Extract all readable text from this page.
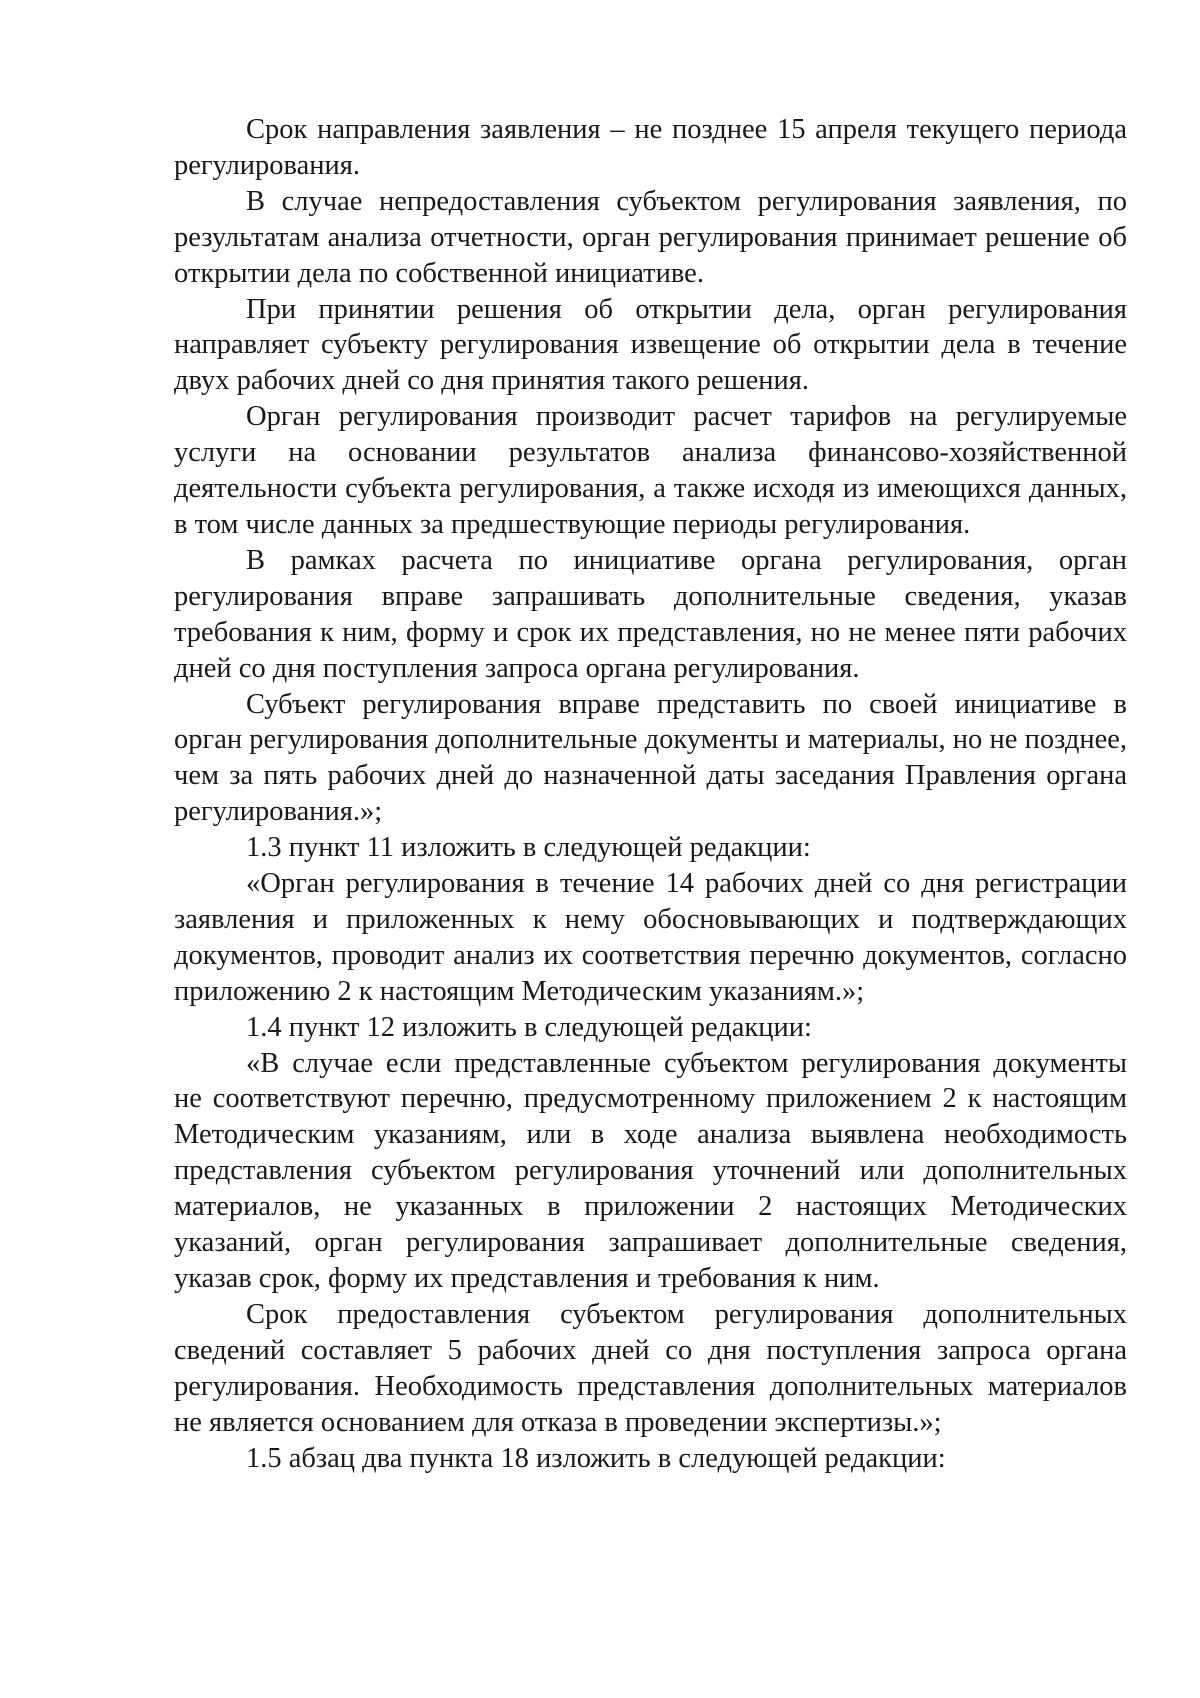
Срок направления заявления – не позднее 15 апреля текущего периода регулирования.

В случае непредоставления субъектом регулирования заявления, по результатам анализа отчетности, орган регулирования принимает решение об открытии дела по собственной инициативе.

При принятии решения об открытии дела, орган регулирования направляет субъекту регулирования извещение об открытии дела в течение двух рабочих дней со дня принятия такого решения.

Орган регулирования производит расчет тарифов на регулируемые услуги на основании результатов анализа финансово-хозяйственной деятельности субъекта регулирования, а также исходя из имеющихся данных, в том числе данных за предшествующие периоды регулирования.

В рамках расчета по инициативе органа регулирования, орган регулирования вправе запрашивать дополнительные сведения, указав требования к ним, форму и срок их представления, но не менее пяти рабочих дней со дня поступления запроса органа регулирования.

Субъект регулирования вправе представить по своей инициативе в орган регулирования дополнительные документы и материалы, но не позднее, чем за пять рабочих дней до назначенной даты заседания Правления органа регулирования.»;

1.3 пункт 11 изложить в следующей редакции:

«Орган регулирования в течение 14 рабочих дней со дня регистрации заявления и приложенных к нему обосновывающих и подтверждающих документов, проводит анализ их соответствия перечню документов, согласно приложению 2 к настоящим Методическим указаниям.»;

1.4 пункт 12 изложить в следующей редакции:

«В случае если представленные субъектом регулирования документы не соответствуют перечню, предусмотренному приложением 2 к настоящим Методическим указаниям, или в ходе анализа выявлена необходимость представления субъектом регулирования уточнений или дополнительных материалов, не указанных в приложении 2 настоящих Методических указаний, орган регулирования запрашивает дополнительные сведения, указав срок, форму их представления и требования к ним.

Срок предоставления субъектом регулирования дополнительных сведений составляет 5 рабочих дней со дня поступления запроса органа регулирования. Необходимость представления дополнительных материалов не является основанием для отказа в проведении экспертизы.»;

1.5 абзац два пункта 18 изложить в следующей редакции:
